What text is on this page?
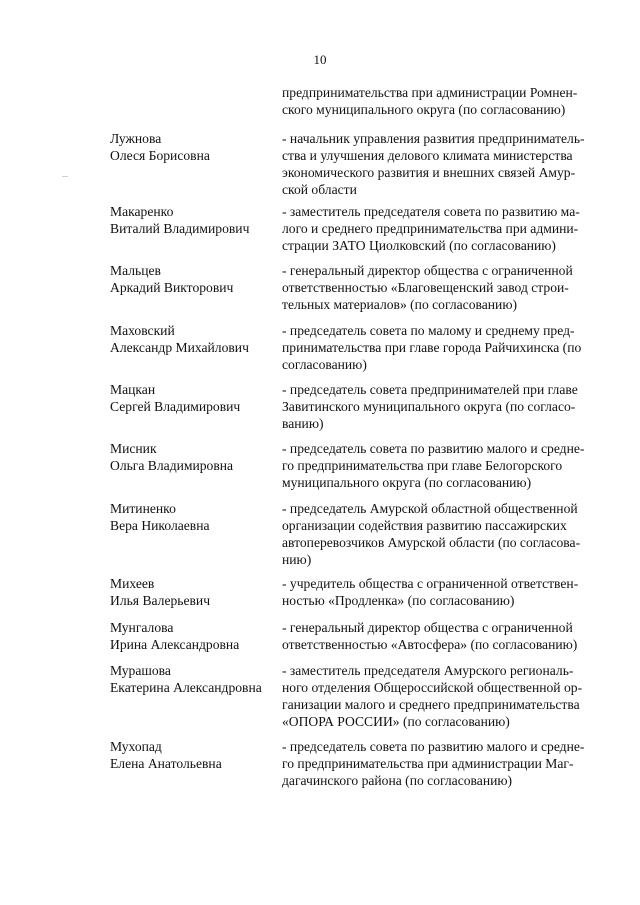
10
предпринимательства при администрации Ромнен-
ского муниципального округа (по согласованию)
Лужнова
Олеся Борисовна
- начальник управления развития предприниматель-
ства и улучшения делового климата министерства
экономического развития и внешних связей Амур-
ской области
Макаренко
Виталий Владимирович
- заместитель председателя совета по развитию ма-
лого и среднего предпринимательства при админи-
страции ЗАТО Циолковский (по согласованию)
Мальцев
Аркадий Викторович
- генеральный директор общества с ограниченной
ответственностью «Благовещенский завод строи-
тельных материалов» (по согласованию)
Маховский
Александр Михайлович
- председатель совета по малому и среднему пред-
принимательства при главе города Райчихинска (по
согласованию)
Мацкан
Сергей Владимирович
- председатель совета предпринимателей при главе
Завитинского муниципального округа (по согласо-
ванию)
Мисник
Ольга Владимировна
- председатель совета по развитию малого и средне-
го предпринимательства при главе Белогорского
муниципального округа (по согласованию)
Митиненко
Вера Николаевна
- председатель Амурской областной общественной
организации содействия развитию пассажирских
автоперевозчиков Амурской области (по согласова-
нию)
Михеев
Илья Валерьевич
- учредитель общества с ограниченной ответствен-
ностью «Продленка» (по согласованию)
Мунгалова
Ирина Александровна
- генеральный директор общества с ограниченной
ответственностью «Автосфера» (по согласованию)
Мурашова
Екатерина Александровна
- заместитель председателя Амурского региональ-
ного отделения Общероссийской общественной ор-
ганизации малого и среднего предпринимательства
«ОПОРА РОССИИ» (по согласованию)
Мухопад
Елена Анатольевна
- председатель совета по развитию малого и средне-
го предпринимательства при администрации Маг-
дагачинского района (по согласованию)
